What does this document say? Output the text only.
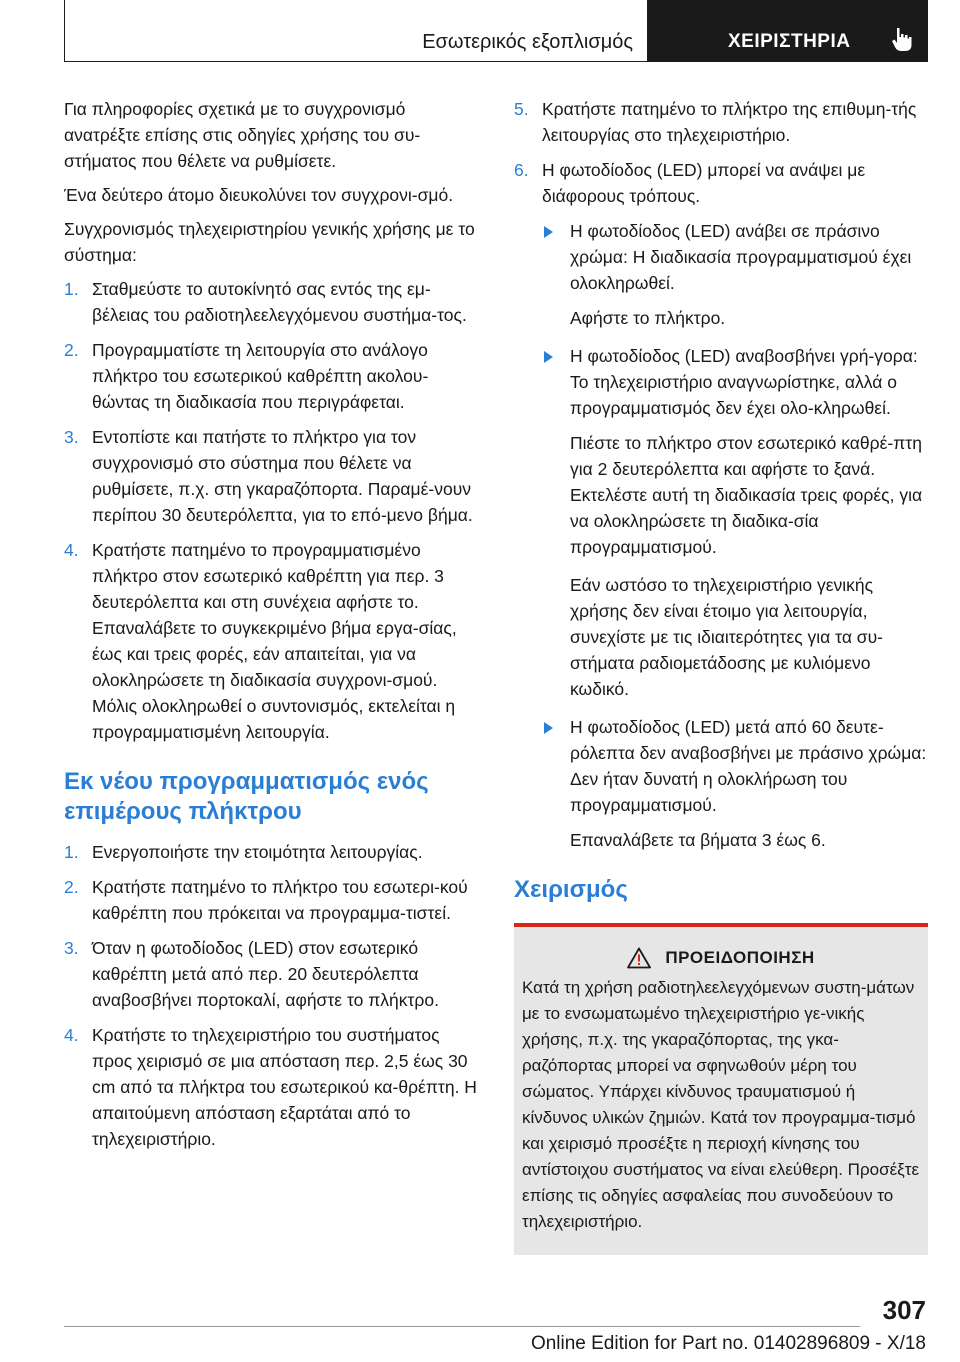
Εσωτερικός εξοπλισμός	ΧΕΙΡΙΣΤΗΡΙΑ

Για πληροφορίες σχετικά με το συγχρονισμό ανατρέξτε επίσης στις οδηγίες χρήσης του συ-στήματος που θέλετε να ρυθμίσετε.

Ένα δεύτερο άτομο διευκολύνει τον συγχρονι-σμό.

Συγχρονισμός τηλεχειριστηρίου γενικής χρήσης με το σύστημα:

1. Σταθμεύστε το αυτοκίνητό σας εντός της εμ-βέλειας του ραδιοτηλεελεγχόμενου συστήμα-τος.
2. Προγραμματίστε τη λειτουργία στο ανάλογο πλήκτρο του εσωτερικού καθρέπτη ακολου-θώντας τη διαδικασία που περιγράφεται.
3. Εντοπίστε και πατήστε το πλήκτρο για τον συγχρονισμό στο σύστημα που θέλετε να ρυθμίσετε, π.χ. στη γκαραζόπορτα. Παραμέ-νουν περίπου 30 δευτερόλεπτα, για το επό-μενο βήμα.
4. Κρατήστε πατημένο το προγραμματισμένο πλήκτρο στον εσωτερικό καθρέπτη για περ. 3 δευτερόλεπτα και στη συνέχεια αφήστε το. Επαναλάβετε το συγκεκριμένο βήμα εργα-σίας, έως και τρεις φορές, εάν απαιτείται, για να ολοκληρώσετε τη διαδικασία συγχρονι-σμού. Μόλις ολοκληρωθεί ο συντονισμός, εκτελείται η προγραμματισμένη λειτουργία.
Εκ νέου προγραμματισμός ενός επιμέρους πλήκτρου
1. Ενεργοποιήστε την ετοιμότητα λειτουργίας.
2. Κρατήστε πατημένο το πλήκτρο του εσωτερι-κού καθρέπτη που πρόκειται να προγραμμα-τιστεί.
3. Όταν η φωτοδίοδος (LED) στον εσωτερικό καθρέπτη μετά από περ. 20 δευτερόλεπτα αναβοσβήνει πορτοκαλί, αφήστε το πλήκτρο.
4. Κρατήστε το τηλεχειριστήριο του συστήματος προς χειρισμό σε μια απόσταση περ. 2,5 έως 30 cm από τα πλήκτρα του εσωτερικού κα-θρέπτη. Η απαιτούμενη απόσταση εξαρτάται από το τηλεχειριστήριο.
5. Κρατήστε πατημένο το πλήκτρο της επιθυμη-τής λειτουργίας στο τηλεχειριστήριο.
6. Η φωτοδίοδος (LED) μπορεί να ανάψει με διάφορους τρόπους.
Η φωτοδίοδος (LED) ανάβει σε πράσινο χρώμα: Η διαδικασία προγραμματισμού έχει ολοκληρωθεί.

Αφήστε το πλήκτρο.

Η φωτοδίοδος (LED) αναβοσβήνει γρή-γορα: Το τηλεχειριστήριο αναγνωρίστηκε, αλλά ο προγραμματισμός δεν έχει ολο-κληρωθεί.

Πιέστε το πλήκτρο στον εσωτερικό καθρέ-πτη για 2 δευτερόλεπτα και αφήστε το ξανά. Εκτελέστε αυτή τη διαδικασία τρεις φορές, για να ολοκληρώσετε τη διαδικα-σία προγραμματισμού.

Εάν ωστόσο το τηλεχειριστήριο γενικής χρήσης δεν είναι έτοιμο για λειτουργία, συνεχίστε με τις ιδιαιτερότητες για τα συ-στήματα ραδιομετάδοσης με κυλιόμενο κωδικό.

Η φωτοδίοδος (LED) μετά από 60 δευτε-ρόλεπτα δεν αναβοσβήνει με πράσινο χρώμα: Δεν ήταν δυνατή η ολοκλήρωση του προγραμματισμού.

Επαναλάβετε τα βήματα 3 έως 6.

Χειρισμός
ΠΡΟΕΙΔΟΠΟΙΗΣΗ
Κατά τη χρήση ραδιοτηλεελεγχόμενων συστη-μάτων με το ενσωματωμένο τηλεχειριστήριο γε-νικής χρήσης, π.χ. της γκαραζόπορτας, της γκα-ραζόπορτας μπορεί να σφηνωθούν μέρη του σώματος. Υπάρχει κίνδυνος τραυματισμού ή κίνδυνος υλικών ζημιών. Κατά τον προγραμμα-τισμό και χειρισμό προσέξτε η περιοχή κίνησης του αντίστοιχου συστήματος να είναι ελεύθερη. Προσέξτε επίσης τις οδηγίες ασφαλείας που συνοδεύουν το τηλεχειριστήριο.
307
Online Edition for Part no. 01402896809 - X/18
